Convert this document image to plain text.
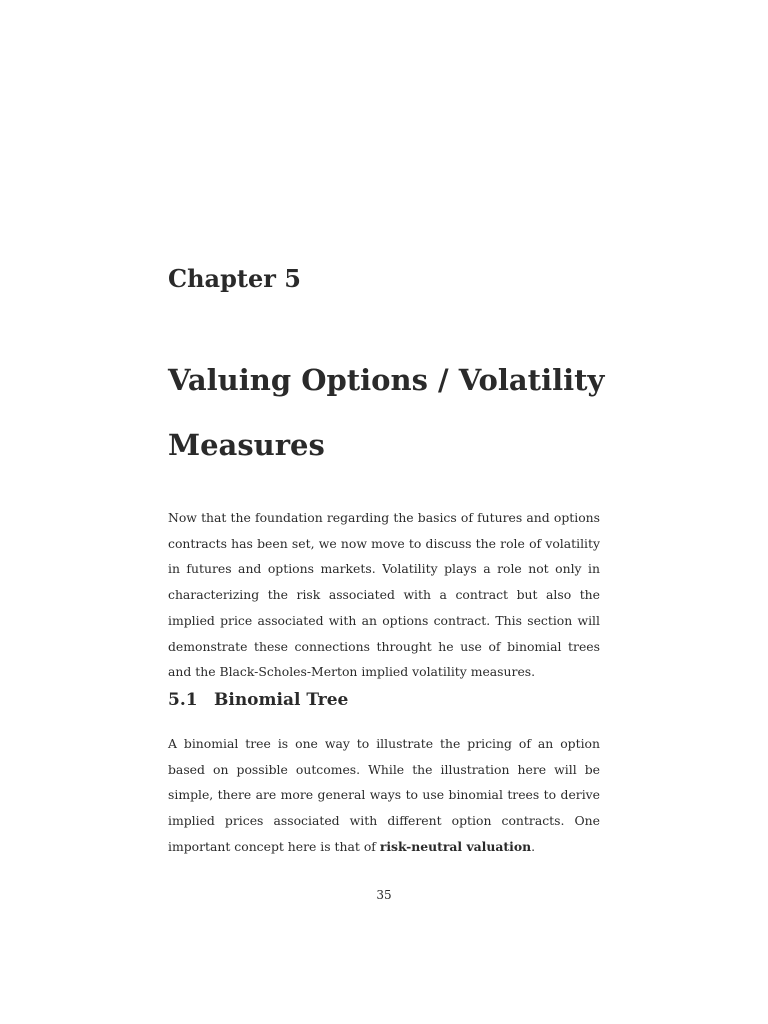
Chapter 5
Valuing Options / Volatility Measures

Now that the foundation regarding the basics of futures and options contracts has been set, we now move to discuss the role of volatility in futures and options markets. Volatility plays a role not only in characterizing the risk associated with a contract but also the implied price associated with an options contract. This section will demonstrate these connections throught he use of binomial trees and the Black-Scholes-Merton implied volatility measures.

5.1 Binomial Tree

A binomial tree is one way to illustrate the pricing of an option based on possible outcomes. While the illustration here will be simple, there are more general ways to use binomial trees to derive implied prices associated with different option contracts. One important concept here is that of risk-neutral valuation.

35
